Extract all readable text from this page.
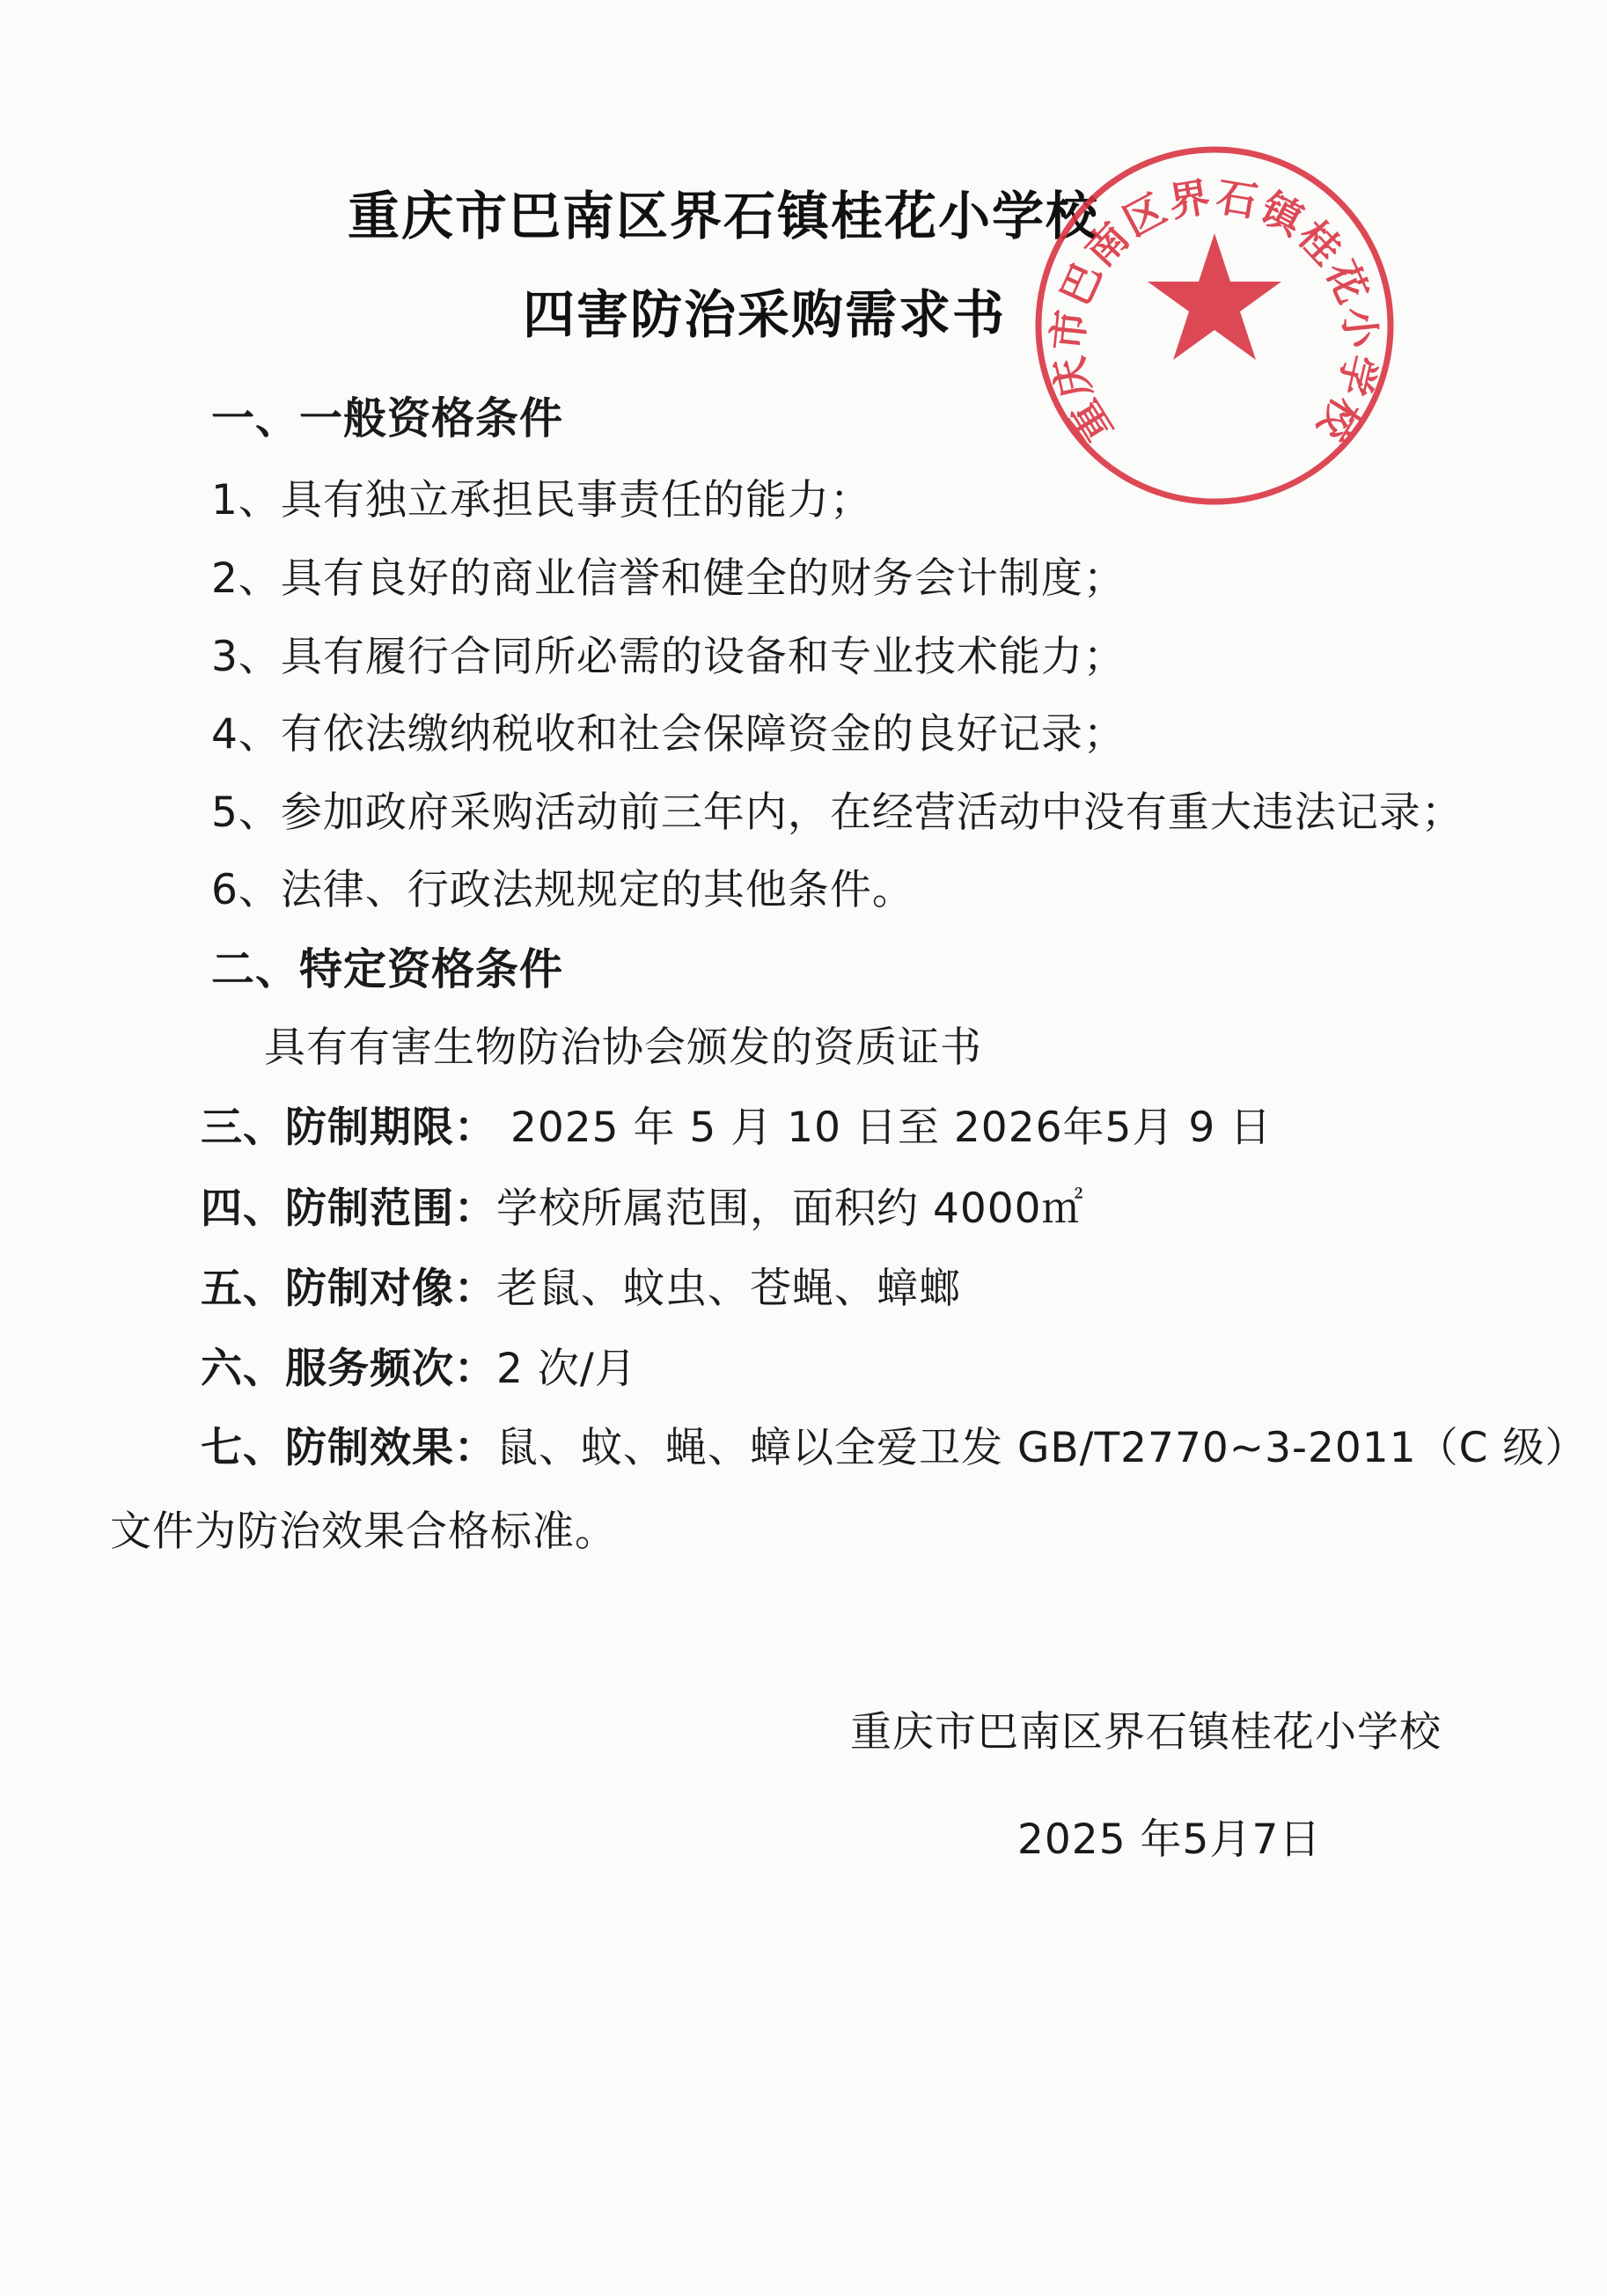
重庆市巴南区界石镇桂花小学校
四害防治采购需求书
一、一般资格条件
1、具有独立承担民事责任的能力；
2、具有良好的商业信誉和健全的财务会计制度；
3、具有履行合同所必需的设备和专业技术能力；
4、有依法缴纳税收和社会保障资金的良好记录；
5、参加政府采购活动前三年内，在经营活动中没有重大违法记录；
6、法律、行政法规规定的其他条件。
二、特定资格条件
具有有害生物防治协会颁发的资质证书
三、防制期限： 2025 年 5 月 10 日至 2026年5月 9 日
四、防制范围：学校所属范围，面积约 4000㎡
五、防制对像：老鼠、蚊虫、苍蝇、蟑螂
六、服务频次：2 次/月
七、防制效果：鼠、蚊、蝇、蟑以全爱卫发 GB/T2770~3-2011（C 级）
文件为防治效果合格标准。
重庆市巴南区界石镇桂花小学校
2025 年5月7日
重庆市巴南区界石镇桂花小学校
